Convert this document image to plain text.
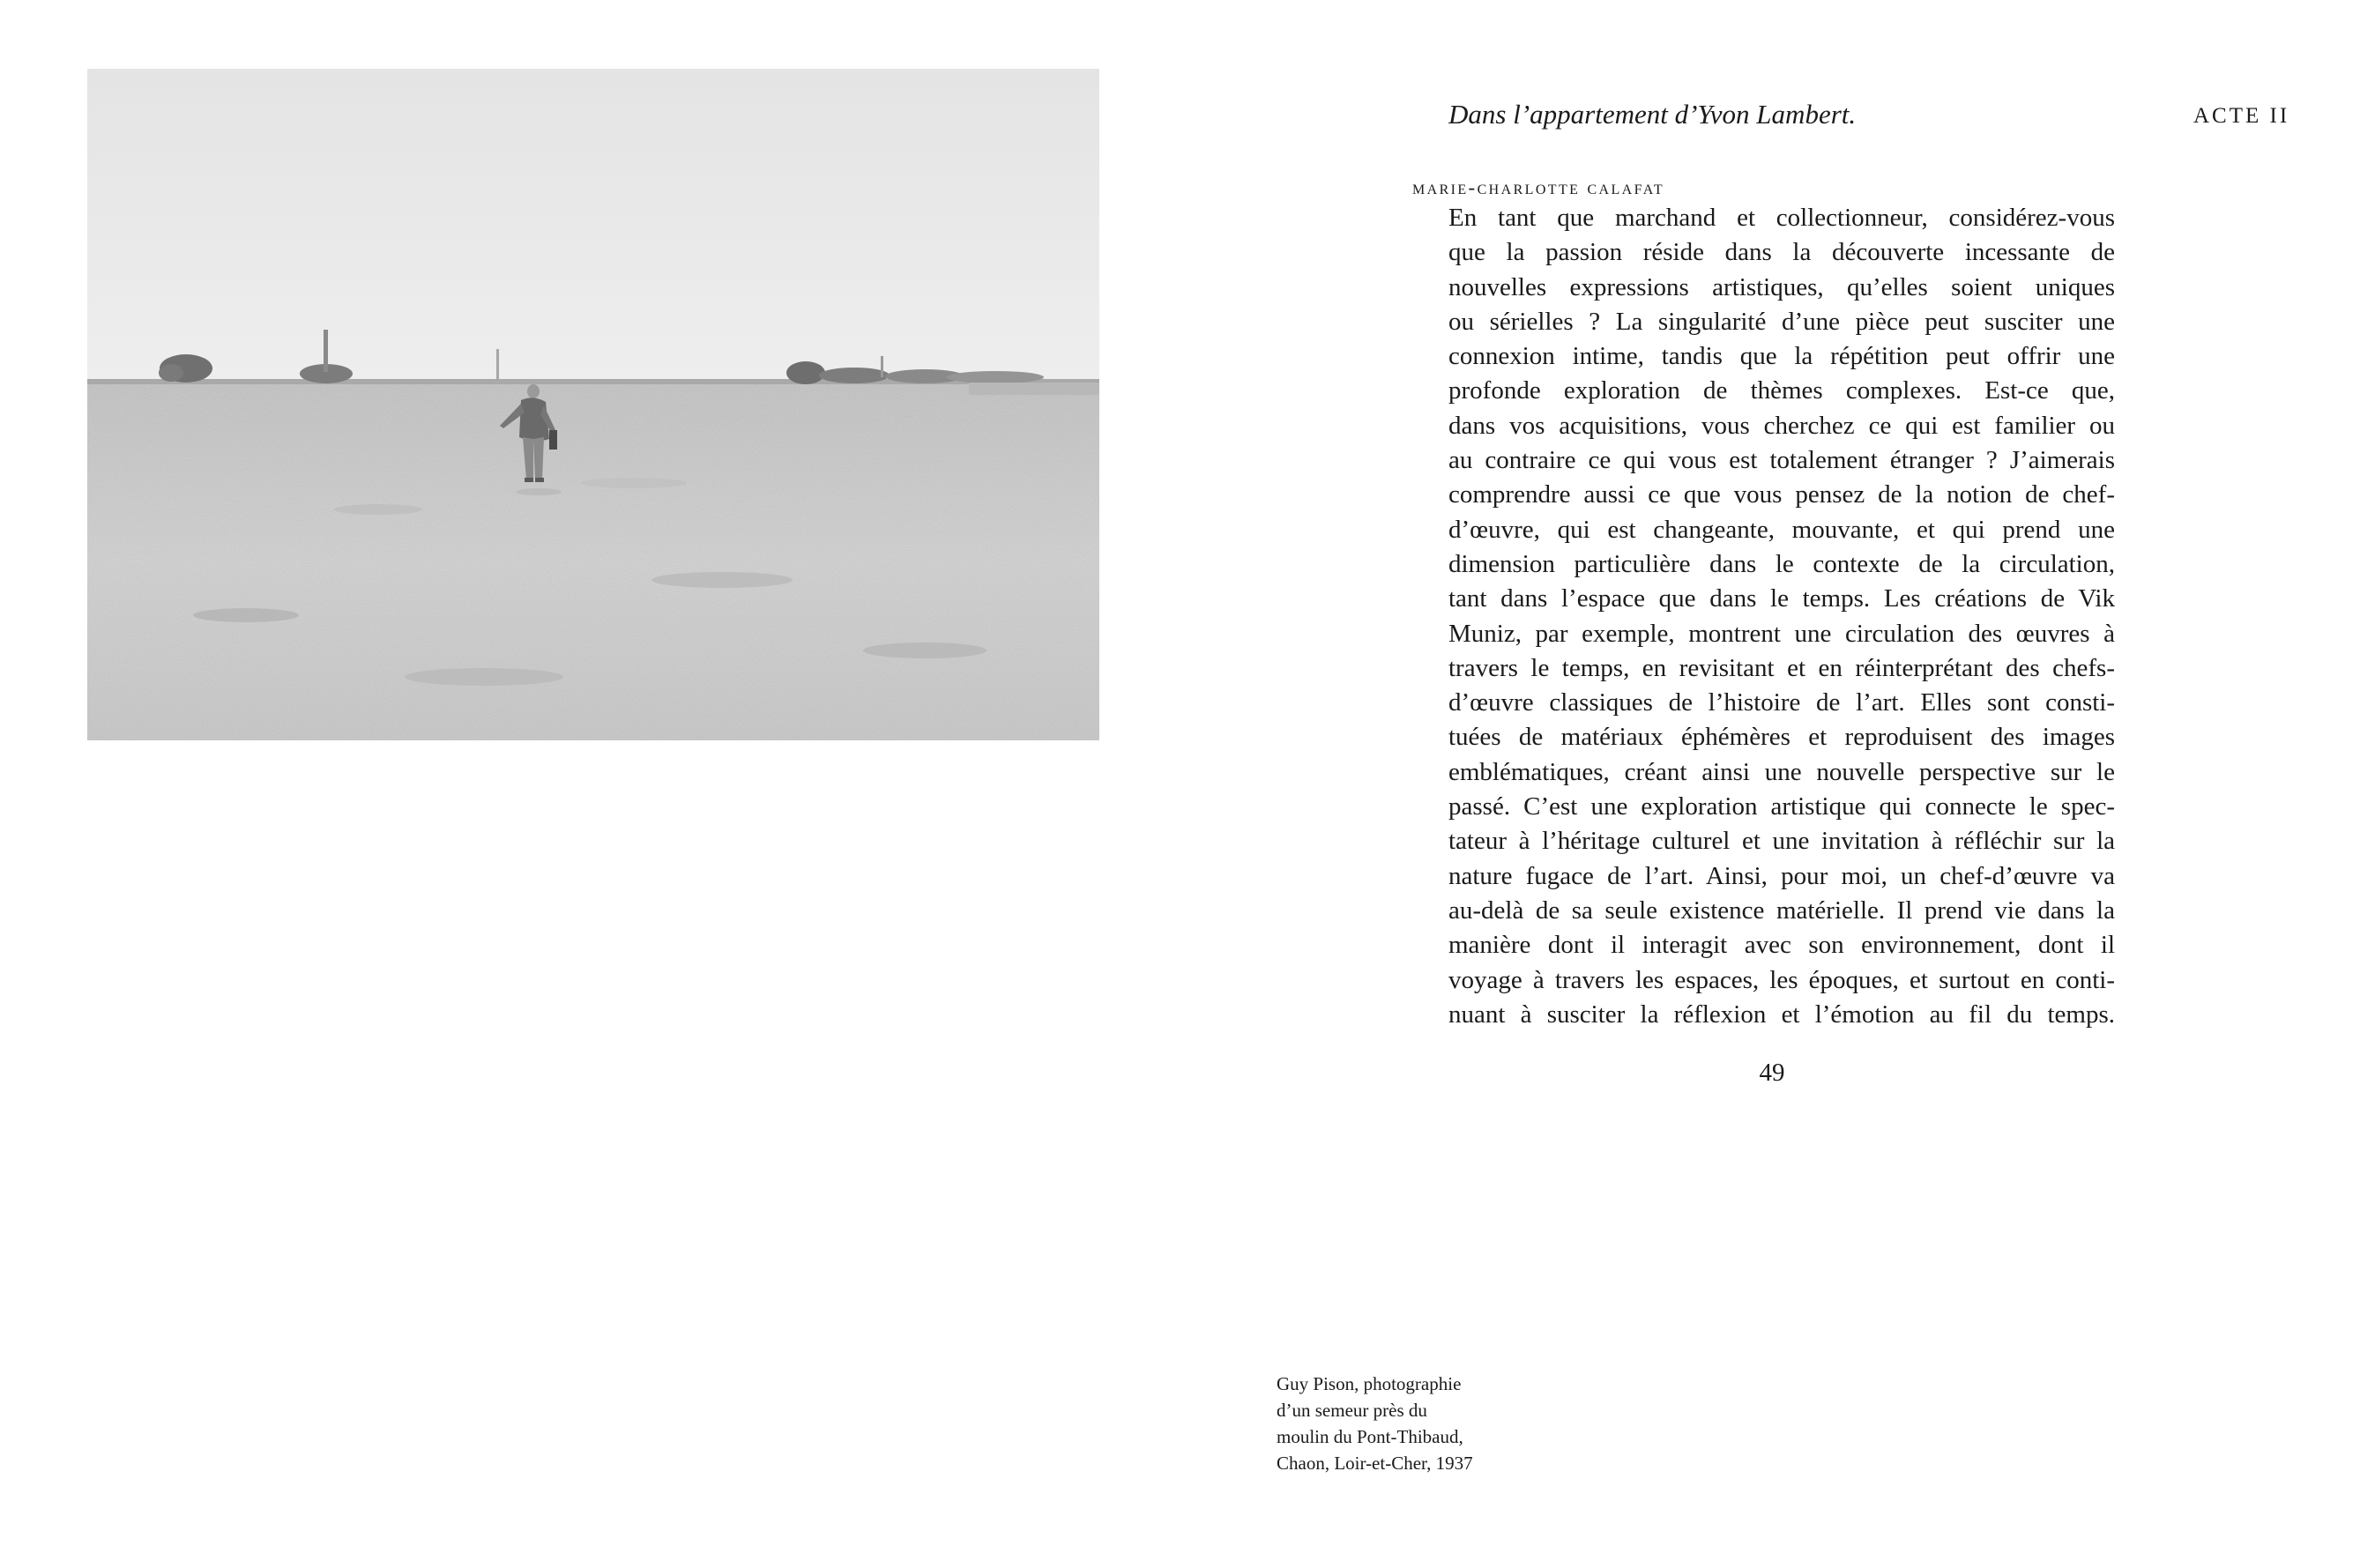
Guy Pison, photographie
d’un semeur près du
moulin du Pont-Thibaud,
Chaon, Loir-et-Cher, 1937
Dans l’appartement d’Yvon Lambert.	ACTE II
marie-charlotte calafat
En tant que marchand et collectionneur, considérez-vous
que la passion réside dans la découverte incessante de
nouvelles expressions artistiques, qu’elles soient uniques
ou sérielles ? La singularité d’une pièce peut susciter une
connexion intime, tandis que la répétition peut offrir une
profonde exploration de thèmes complexes. Est-ce que,
dans vos acquisitions, vous cherchez ce qui est familier ou
au contraire ce qui vous est totalement étranger ? J’aimerais
comprendre aussi ce que vous pensez de la notion de chef-
d’œuvre, qui est changeante, mouvante, et qui prend une
dimension particulière dans le contexte de la circulation,
tant dans l’espace que dans le temps. Les créations de Vik
Muniz, par exemple, montrent une circulation des œuvres à
travers le temps, en revisitant et en réinterprétant des chefs-
d’œuvre classiques de l’histoire de l’art. Elles sont consti-
tuées de matériaux éphémères et reproduisent des images
emblématiques, créant ainsi une nouvelle perspective sur le
passé. C’est une exploration artistique qui connecte le spec-
tateur à l’héritage culturel et une invitation à réfléchir sur la
nature fugace de l’art. Ainsi, pour moi, un chef-d’œuvre va
au-delà de sa seule existence matérielle. Il prend vie dans la
manière dont il interagit avec son environnement, dont il
voyage à travers les espaces, les époques, et surtout en conti-
nuant à susciter la réflexion et l’émotion au fil du temps.
49
